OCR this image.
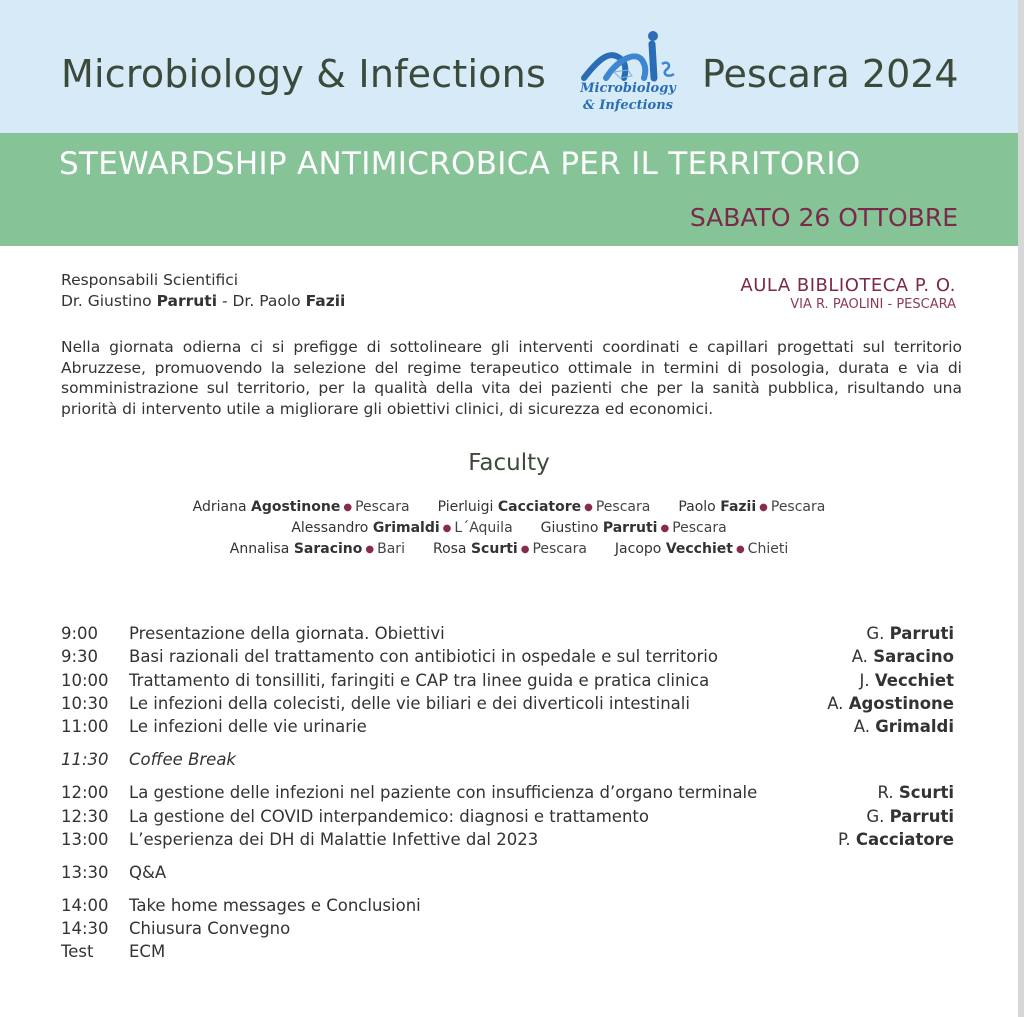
Microbiology & Infections	Microbiology
& Infections
Pescara 2024
STEWARDSHIP ANTIMICROBICA PER IL TERRITORIO
SABATO 26 OTTOBRE
Responsabili Scientifici
Dr. Giustino Parruti - Dr. Paolo Fazii
AULA BIBLIOTECA P. O.
VIA R. PAOLINI - PESCARA
Nella giornata odierna ci si prefigge di sottolineare gli interventi coordinati e capillari progettati sul territorio Abruzzese, promuovendo la selezione del regime terapeutico ottimale in termini di posologia, durata e via di somministrazione sul territorio, per la qualità della vita dei pazienti che per la sanità pubblica, risultando una priorità di intervento utile a migliorare gli obiettivi clinici, di sicurezza ed economici.
Faculty
Adriana Agostinone ● Pescara Pierluigi Cacciatore ● Pescara Paolo Fazii ● Pescara
Alessandro Grimaldi ● L´Aquila Giustino Parruti ● Pescara
Annalisa Saracino ● Bari Rosa Scurti ● Pescara Jacopo Vecchiet ● Chieti
9:00 Presentazione della giornata. Obiettivi	G. Parruti
9:30 Basi razionali del trattamento con antibiotici in ospedale e sul territorio	A. Saracino
10:00 Trattamento di tonsilliti, faringiti e CAP tra linee guida e pratica clinica	J. Vecchiet
10:30 Le infezioni della colecisti, delle vie biliari e dei diverticoli intestinali	A. Agostinone
11:00 Le infezioni delle vie urinarie	A. Grimaldi
11:30 Coffee Break
12:00 La gestione delle infezioni nel paziente con insufficienza d’organo terminale	R. Scurti
12:30 La gestione del COVID interpandemico: diagnosi e trattamento	G. Parruti
13:00 L’esperienza dei DH di Malattie Infettive dal 2023	P. Cacciatore
13:30 Q&A
14:00 Take home messages e Conclusioni
14:30 Chiusura Convegno
Test ECM
